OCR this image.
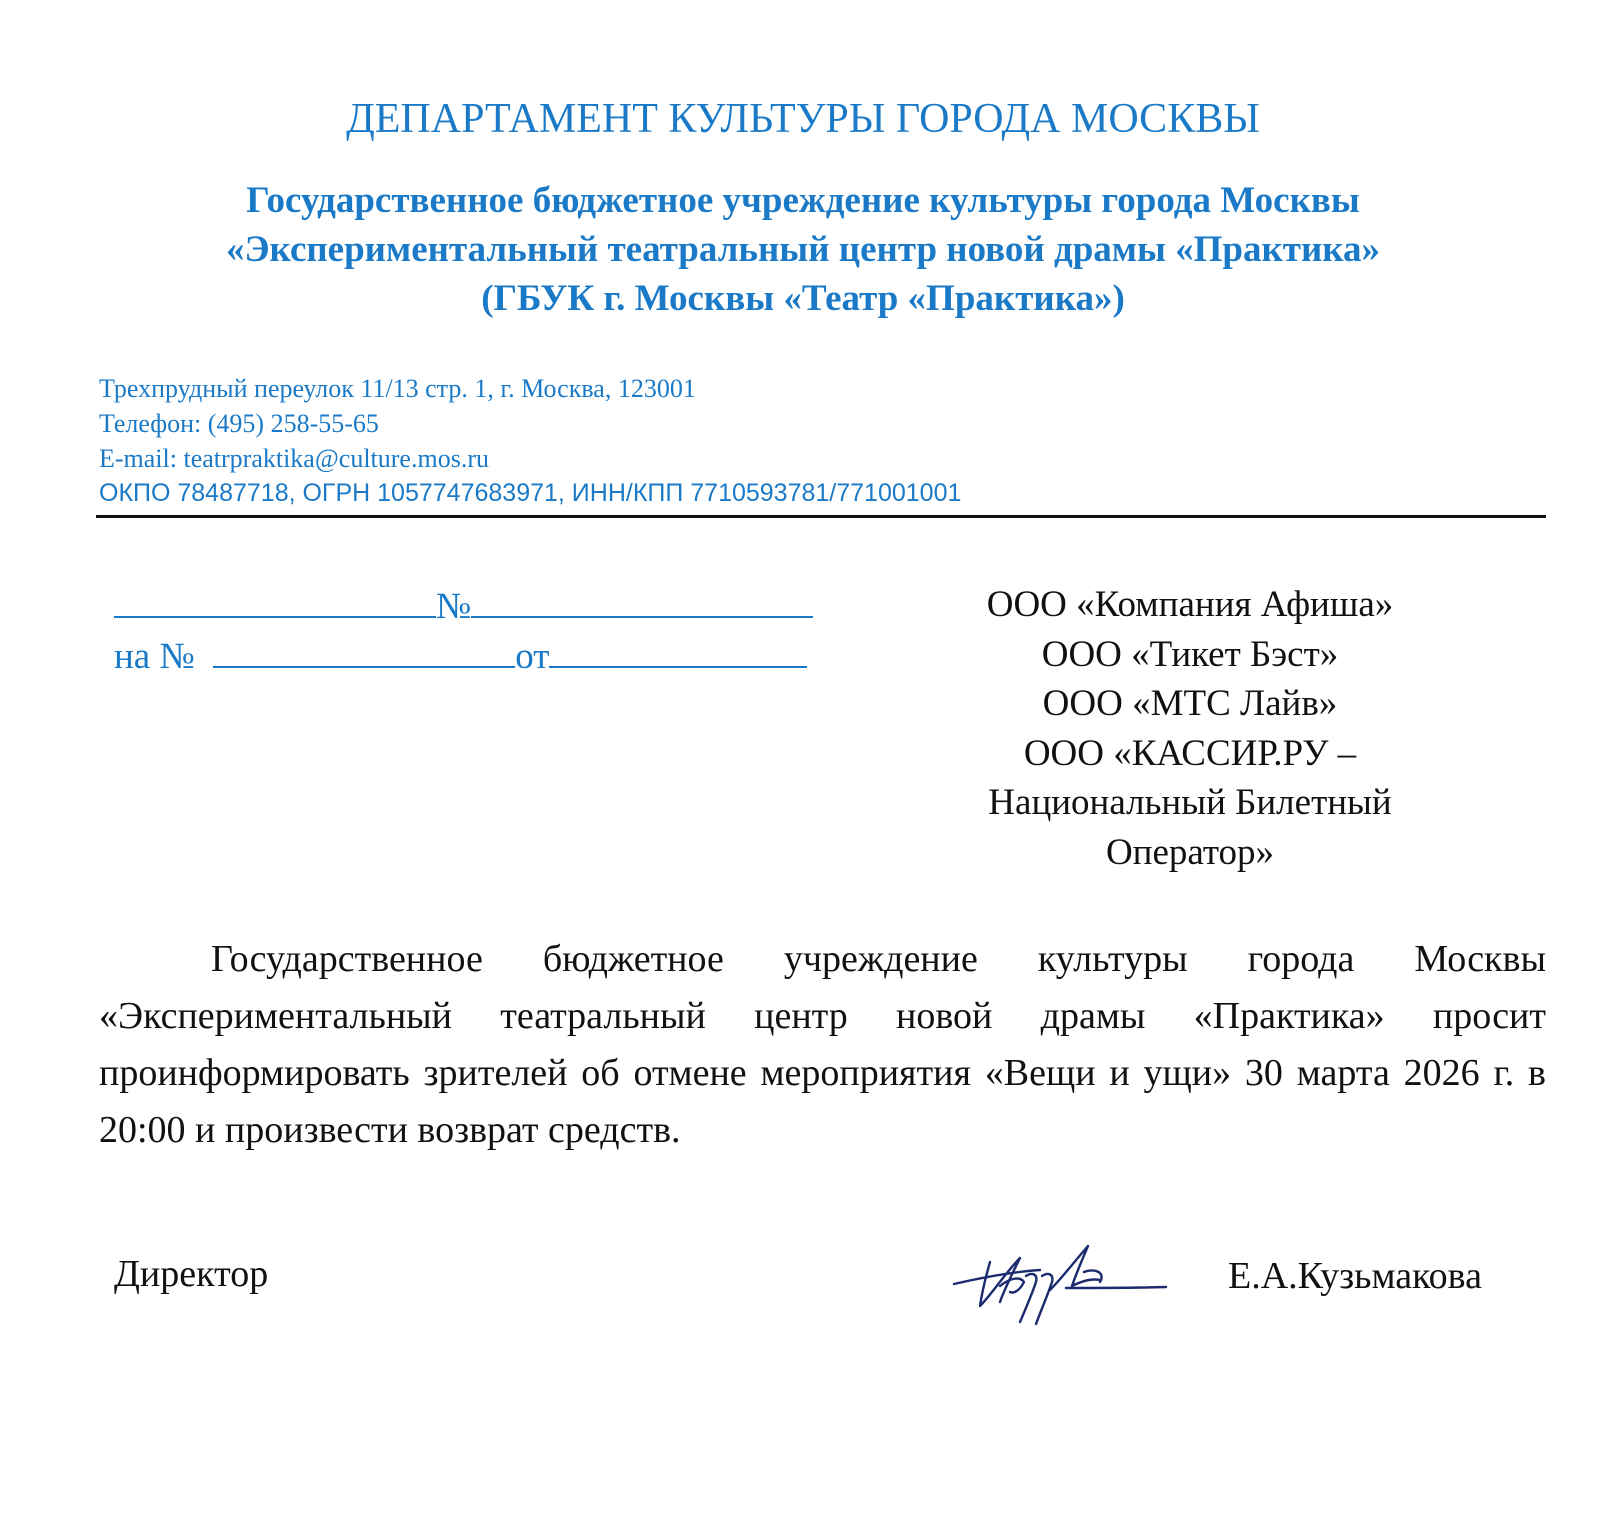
ДЕПАРТАМЕНТ КУЛЬТУРЫ ГОРОДА МОСКВЫ
Государственное бюджетное учреждение культуры города Москвы
«Экспериментальный театральный центр новой драмы «Практика»
(ГБУК г. Москвы «Театр «Практика»)
Трехпрудный переулок 11/13 стр. 1, г. Москва, 123001
Телефон: (495) 258-55-65
E-mail: teatrpraktika@culture.mos.ru
ОКПО 78487718, ОГРН 1057747683971, ИНН/КПП 7710593781/771001001
№
на №	от
ООО «Компания Афиша»
ООО «Тикет Бэст»
ООО «МТС Лайв»
ООО «КАССИР.РУ –
Национальный Билетный
Оператор»
Государственное бюджетное учреждение культуры города Москвы «Экспериментальный театральный центр новой драмы «Практика» просит проинформировать зрителей об отмене мероприятия «Вещи и ущи» 30 марта 2026 г. в 20:00 и произвести возврат средств.
Директор	Е.А.Кузьмакова
